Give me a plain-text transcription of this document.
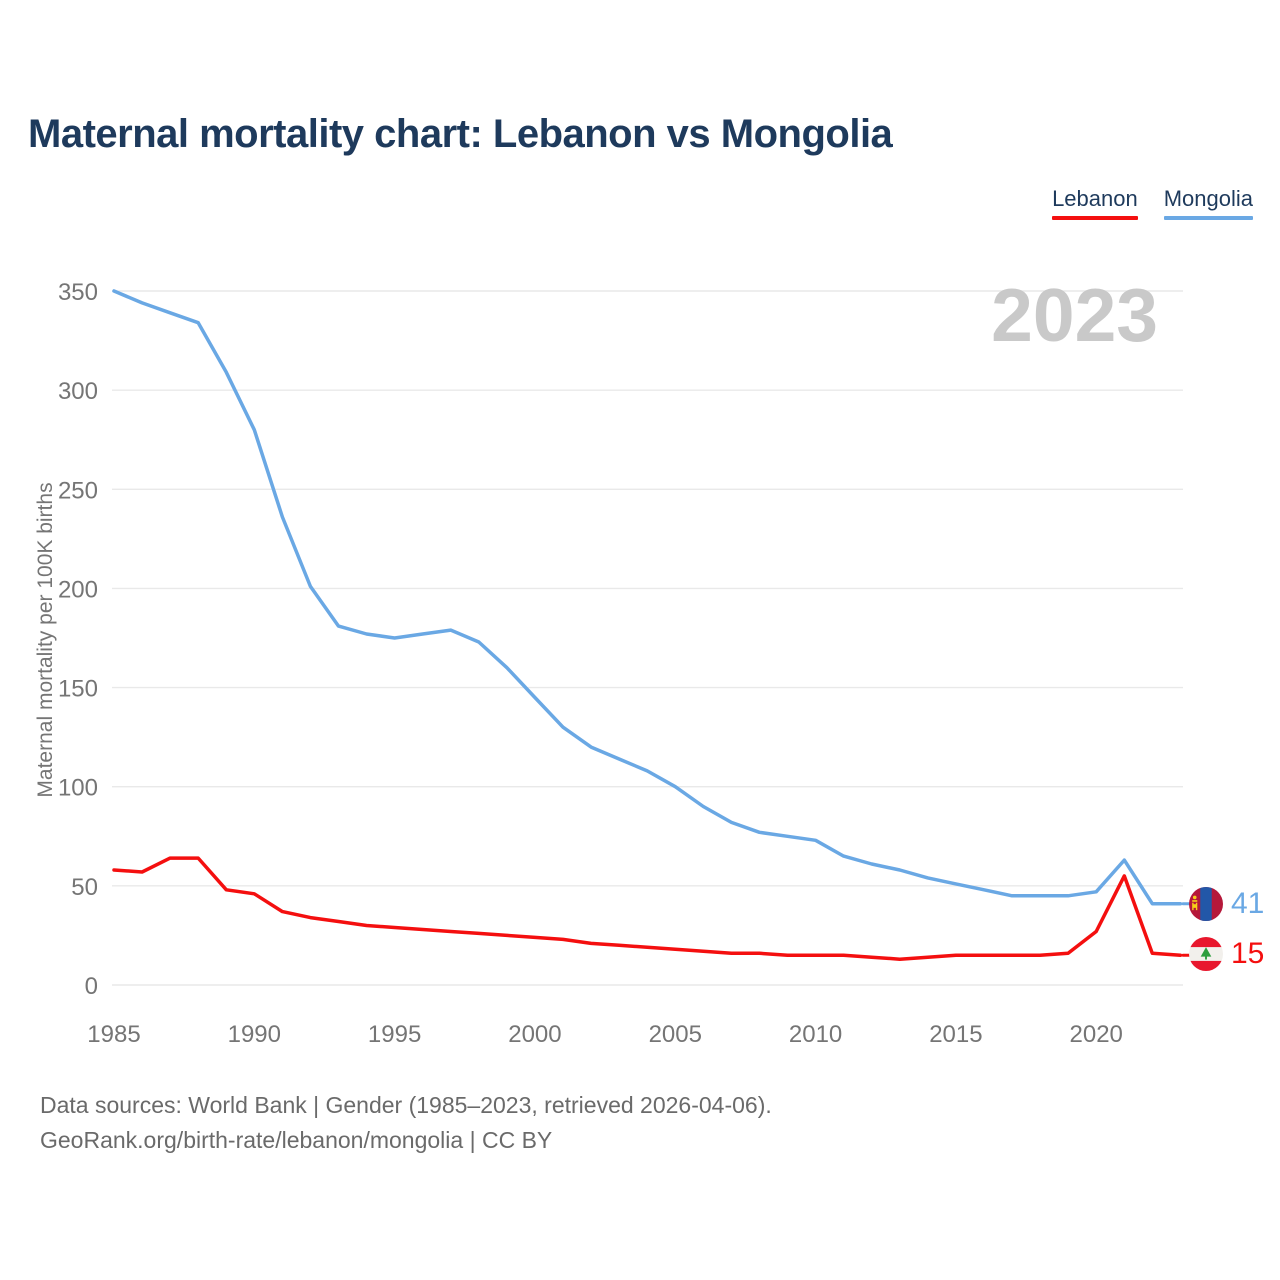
Maternal mortality chart: Lebanon vs Mongolia
Lebanon Mongolia
0
50
100
150
200
250
300
350
1985	1990	1995	2000	2005	2010	2015	2020
2023
Maternal mortality per 100K births
41
15
Data sources: World Bank | Gender (1985–2023, retrieved 2026-04-06).
GeoRank.org/birth-rate/lebanon/mongolia | CC BY
